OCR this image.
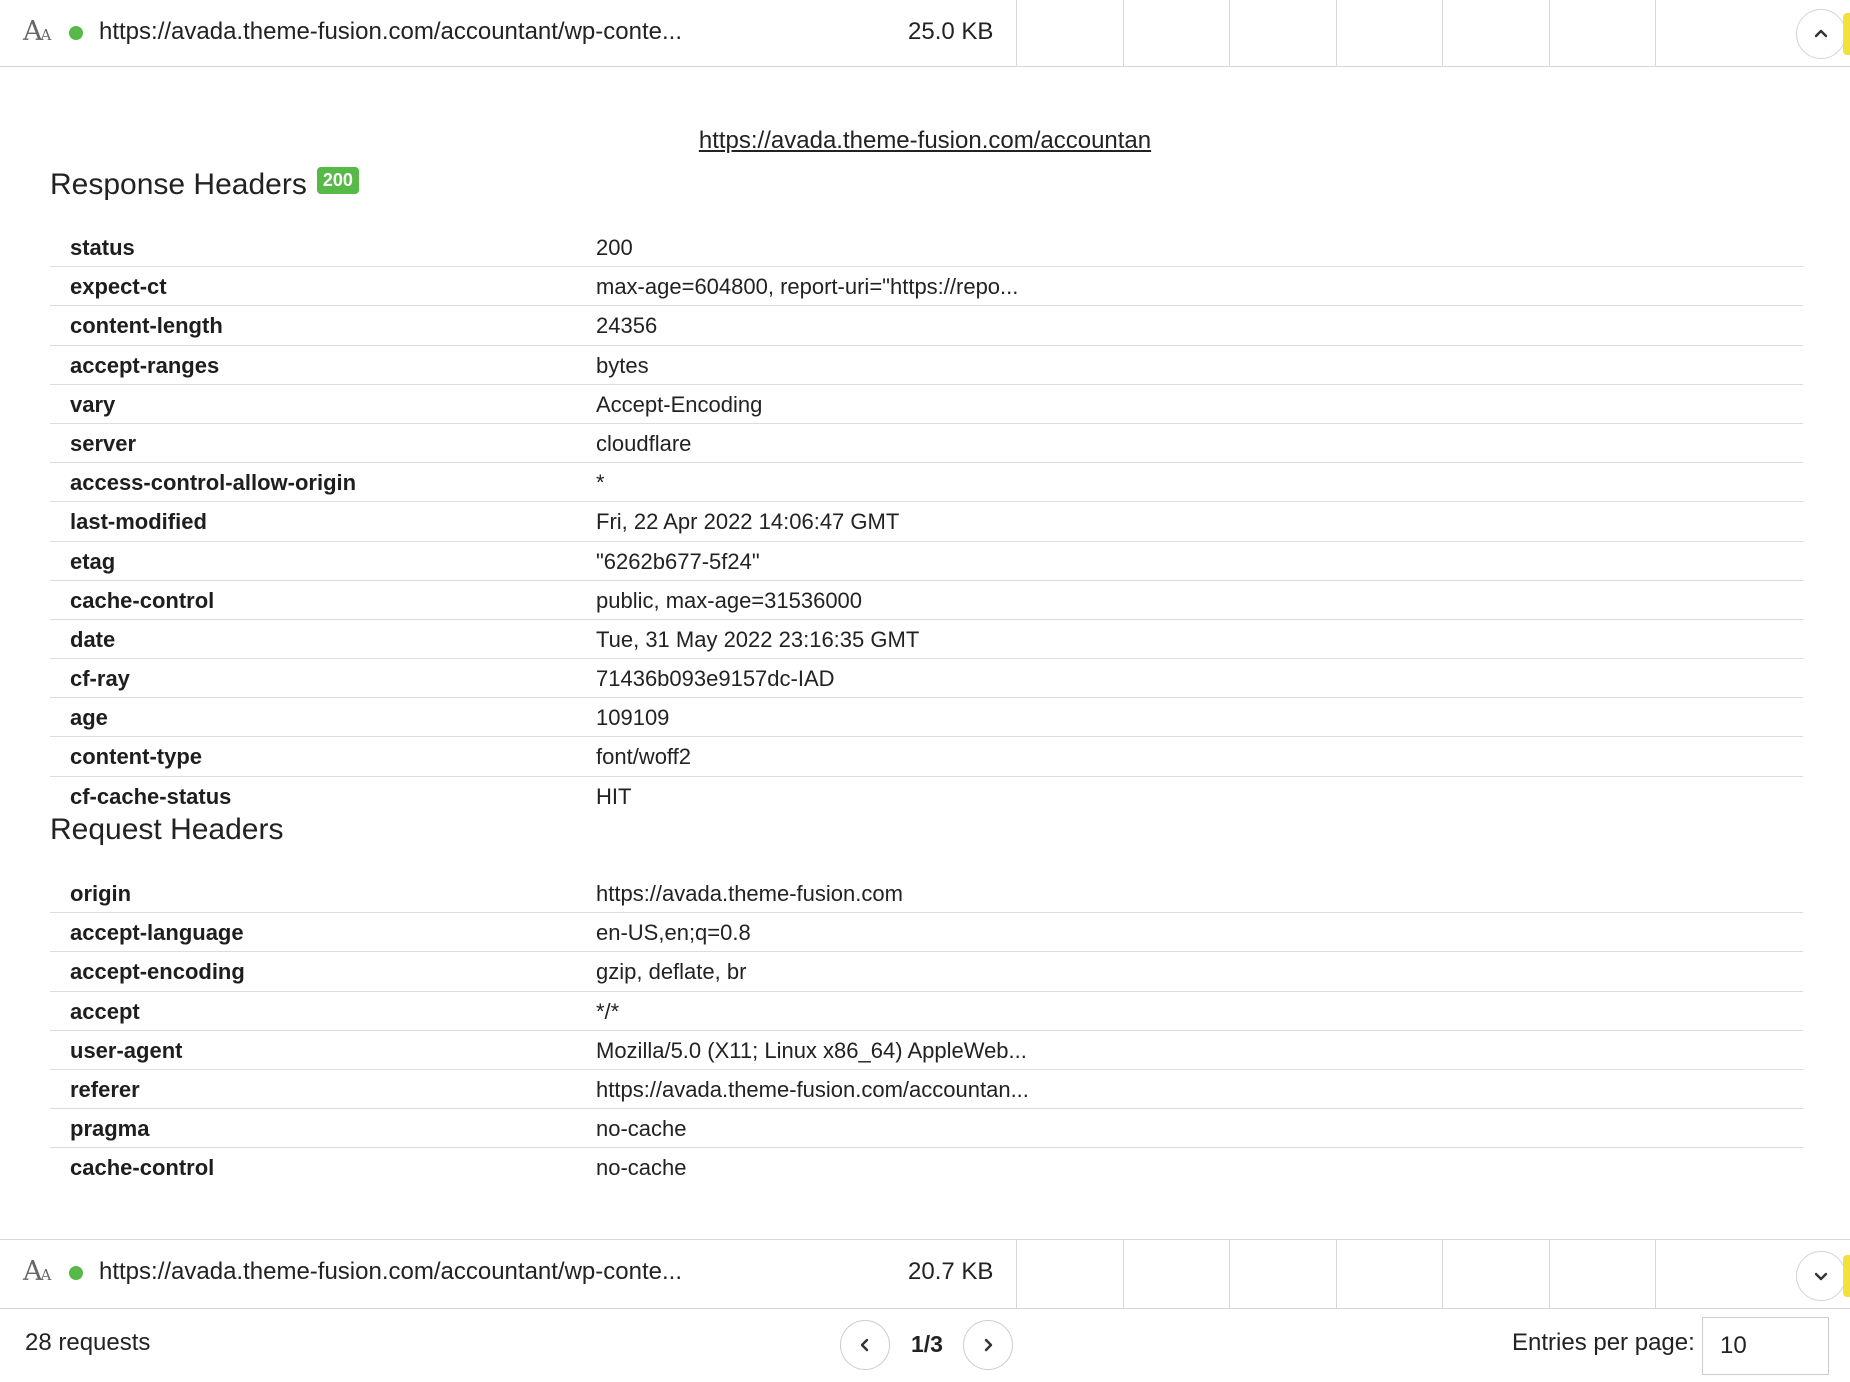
AA https://avada.theme-fusion.com/accountant/wp-conte...	25.0 KB
https://avada.theme-fusion.com/accountan
Response Headers 200
status	200
expect-ct	max-age=604800, report-uri="https://repo...
content-length	24356
accept-ranges	bytes
vary	Accept-Encoding
server	cloudflare
access-control-allow-origin	*
last-modified	Fri, 22 Apr 2022 14:06:47 GMT
etag	"6262b677-5f24"
cache-control	public, max-age=31536000
date	Tue, 31 May 2022 23:16:35 GMT
cf-ray	71436b093e9157dc-IAD
age	109109
content-type	font/woff2
cf-cache-status	HIT
Request Headers
origin	https://avada.theme-fusion.com
accept-language	en-US,en;q=0.8
accept-encoding	gzip, deflate, br
accept	*/*
user-agent	Mozilla/5.0 (X11; Linux x86_64) AppleWeb...
referer	https://avada.theme-fusion.com/accountan...
pragma	no-cache
cache-control	no-cache
AA https://avada.theme-fusion.com/accountant/wp-conte...	20.7 KB
28 requests	1/3	Entries per page:
10
